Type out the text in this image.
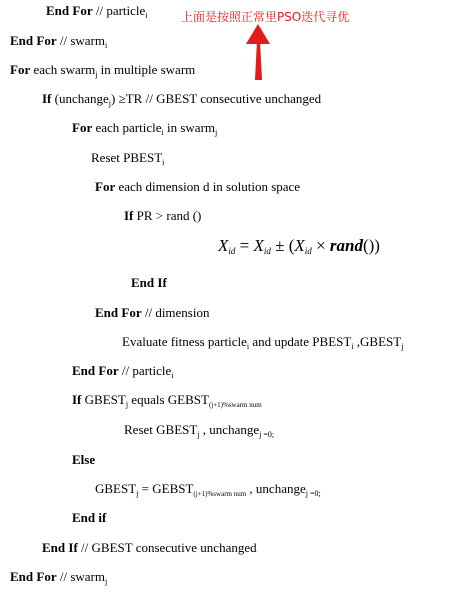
上面是按照正常里PSO迭代寻优
End For // particle$_i$
End For // swarm$_i$
For each swarm$_j$ in multiple swarm
If (unchange$_j$) ≥TR // GBEST consecutive unchanged
For each particle$_i$ in swarm$_j$
Reset $PBEST_i$
For each dimension d in solution space
If PR > rand ()
$X_{id} = X_{id} \pm (X_{id}$ × rand())
End If
End For // dimension
Evaluate fitness particle$_i$ and update $PBEST_i$ $,GBEST_j$
End For // particle$_i$
If $GBEST_j$ equals $GEBST_{(j+1)\%swarm num}$
Reset $GBEST_j$ , unchange$_{j =0;}$
Else
$GBEST_j$ = $GEBST_{(j+1)\%swarm num}$ , unchange$_{j =0;}$
End if
End If // GBEST consecutive unchanged
End For // swarm$_j$
